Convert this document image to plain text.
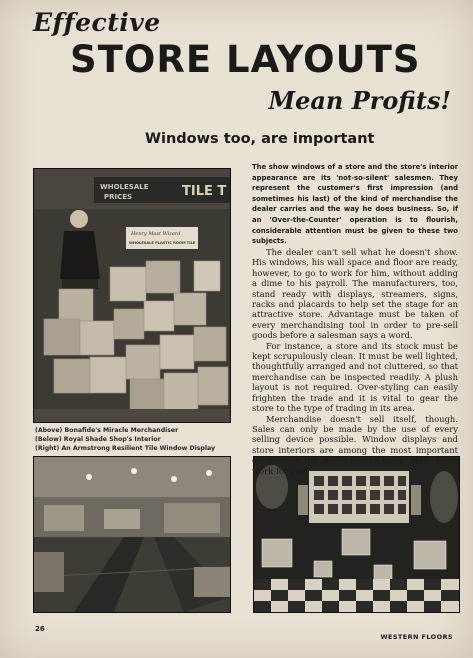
Effective
STORE LAYOUTS
Mean Profits!
Windows too, are important
WHOLESALE
PRICES	TILE T
Henry Mast Wizard
WHOLESALE PLASTIC ROOM TILE
(Above) Bonafide's Miracle Merchandiser
(Below) Royal Shade Shop's Interior
(Right) An Armstrong Resilient Tile Window Display
The show windows of a store and the store's interior appearance are its 'not-so-silent' salesmen. They represent the customer's first impression (and sometimes his last) of the kind of merchandise the dealer carries and the way he does business. So, if an 'Over-the-Counter' operation is to flourish, considerable attention must be given to these two subjects.

The dealer can't sell what he doesn't show. His windows, his wall space and floor are ready, however, to go to work for him, without adding a dime to his payroll. The manufacturers, too, stand ready with displays, streamers, signs, racks and placards to help set the stage for an attractive store. Advantage must be taken of every merchandising tool in order to pre-sell goods before a salesman says a word.

For instance, a store and its stock must be kept scrupulously clean. It must be well lighted, thoughtfully arranged and not cluttered, so that merchandise can be inspected readily. A plush layout is not required. Over-styling can easily frighten the trade and it is vital to gear the store to the type of trading in its area.

Merchandise doesn't sell itself, though. Sales can only be made by the use of every selling device possible. Window displays and store interiors are among the most important elements in the 'battle for the buck.' Make them work for you.

26
WESTERN FLOORS
